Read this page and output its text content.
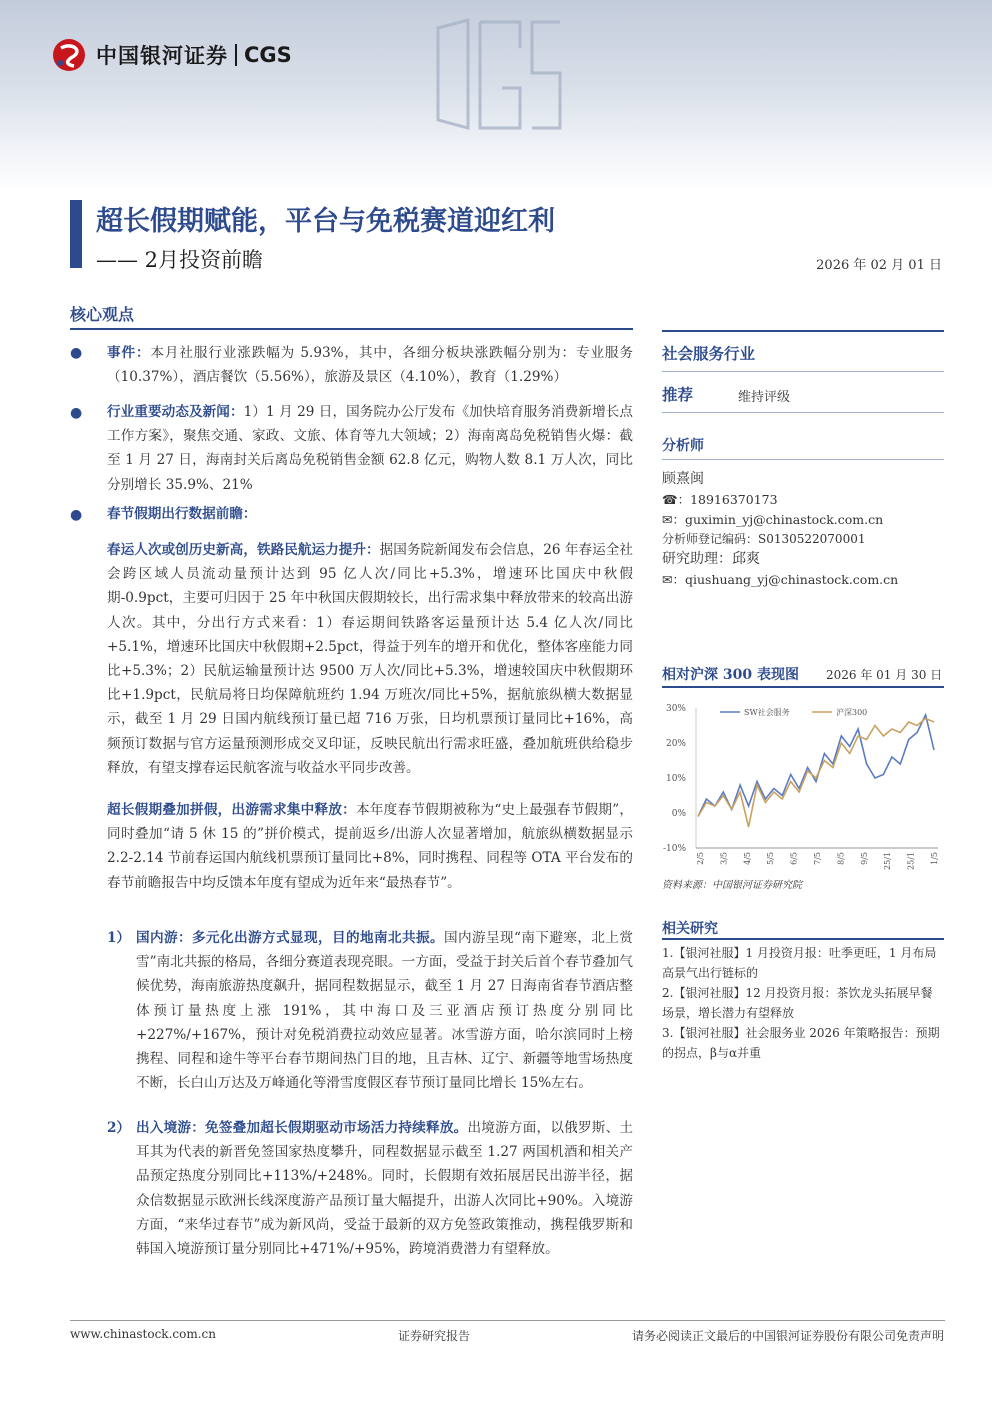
中国银河证券 CGS
超长假期赋能，平台与免税赛道迎红利
—— 2月投资前瞻	2026 年 02 月 01 日
核心观点
● 事件：本月社服行业涨跌幅为 5.93%，其中，各细分板块涨跌幅分别为：专业服务（10.37%），酒店餐饮（5.56%），旅游及景区（4.10%），教育（1.29%）
● 行业重要动态及新闻：1）1 月 29 日，国务院办公厅发布《加快培育服务消费新增长点工作方案》，聚焦交通、家政、文旅、体育等九大领域；2）海南离岛免税销售火爆：截至 1 月 27 日，海南封关后离岛免税销售金额 62.8 亿元，购物人数 8.1 万人次，同比分别增长 35.9%、21%
● 春节假期出行数据前瞻：
春运人次或创历史新高，铁路民航运力提升：据国务院新闻发布会信息，26 年春运全社会跨区域人员流动量预计达到 95 亿人次/同比+5.3%，增速环比国庆中秋假期-0.9pct，主要可归因于 25 年中秋国庆假期较长，出行需求集中释放带来的较高出游人次。其中，分出行方式来看：1）春运期间铁路客运量预计达 5.4 亿人次/同比+5.1%，增速环比国庆中秋假期+2.5pct，得益于列车的增开和优化，整体客座能力同比+5.3%；2）民航运输量预计达 9500 万人次/同比+5.3%，增速较国庆中秋假期环比+1.9pct，民航局将日均保障航班约 1.94 万班次/同比+5%，据航旅纵横大数据显示，截至 1 月 29 日国内航线预订量已超 716 万张，日均机票预订量同比+16%，高频预订数据与官方运量预测形成交叉印证，反映民航出行需求旺盛，叠加航班供给稳步释放，有望支撑春运民航客流与收益水平同步改善。
超长假期叠加拼假，出游需求集中释放：本年度春节假期被称为“史上最强春节假期”，同时叠加“请 5 休 15 的”拼价模式，提前返乡/出游人次显著增加，航旅纵横数据显示 2.2-2.14 节前春运国内航线机票预订量同比+8%，同时携程、同程等 OTA 平台发布的春节前瞻报告中均反馈本年度有望成为近年来“最热春节”。
1） 国内游：多元化出游方式显现，目的地南北共振。国内游呈现“南下避寒，北上赏雪”南北共振的格局，各细分赛道表现亮眼。一方面，受益于封关后首个春节叠加气候优势，海南旅游热度飙升，据同程数据显示，截至 1 月 27 日海南省春节酒店整体预订量热度上涨 191%，其中海口及三亚酒店预订热度分别同比+227%/+167%，预计对免税消费拉动效应显著。冰雪游方面，哈尔滨同时上榜携程、同程和途牛等平台春节期间热门目的地，且吉林、辽宁、新疆等地雪场热度不断，长白山万达及万峰通化等滑雪度假区春节预订量同比增长 15%左右。
2） 出入境游：免签叠加超长假期驱动市场活力持续释放。出境游方面，以俄罗斯、土耳其为代表的新晋免签国家热度攀升，同程数据显示截至 1.27 两国机酒和相关产品预定热度分别同比+113%/+248%。同时，长假期有效拓展居民出游半径，据众信数据显示欧洲长线深度游产品预订量大幅提升，出游人次同比+90%。入境游方面，“来华过春节”成为新风尚，受益于最新的双方免签政策推动，携程俄罗斯和韩国入境游预订量分别同比+471%/+95%，跨境消费潜力有望释放。
社会服务行业
推荐	维持评级
分析师
顾熹闽
☎：18916370173
✉：guximin_yj@chinastock.com.cn
分析师登记编码：S0130522070001
研究助理：邱爽
✉：qiushuang_yj@chinastock.com.cn
相对沪深 300 表现图 2026 年 01 月 30 日
30%
20%
10%
0%
-10%
2/5 3/5 4/5 5/5 6/5 7/5 8/5 9/5 25/1 25/1 1/5
SW社会服务	沪深300
资料来源：中国银河证券研究院
相关研究
1.【银河社服】1 月投资月报：吐季更旺，1 月布局高景气出行链标的
2.【银河社服】12 月投资月报：茶饮龙头拓展早餐场景，增长潜力有望释放
3.【银河社服】社会服务业 2026 年策略报告：预期的拐点，β与α并重
www.chinastock.com.cn	证券研究报告	请务必阅读正文最后的中国银河证券股份有限公司免责声明
